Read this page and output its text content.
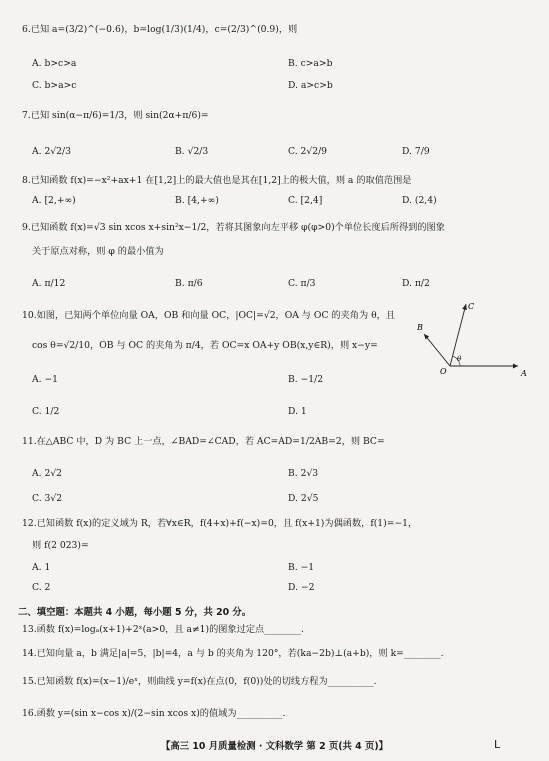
6.已知 a=(3/2)^(−0.6)，b=log(1/3)(1/4)，c=(2/3)^(0.9)，则
A. b>c>a	B. c>a>b
C. b>a>c	D. a>c>b
7.已知 sin(α−π/6)=1/3，则 sin(2α+π/6)=
A. 2√2/3	B. √2/3	C. 2√2/9	D. 7/9
8.已知函数 f(x)=−x²+ax+1 在[1,2]上的最大值也是其在[1,2]上的极大值，则 a 的取值范围是
A. [2,+∞)	B. [4,+∞)	C. [2,4]	D. (2,4)
9.已知函数 f(x)=√3 sin xcos x+sin²x−1/2，若将其图象向左平移 φ(φ>0)个单位长度后所得到的图象
关于原点对称，则 φ 的最小值为
A. π/12	B. π/6	C. π/3	D. π/2
10.如图，已知两个单位向量 OA，OB 和向量 OC，|OC|=√2，OA 与 OC 的夹角为 θ，且
cos θ=√2/10，OB 与 OC 的夹角为 π/4，若 OC=x OA+y OB(x,y∈R)，则 x−y=
A. −1	B. −1/2
C. 1/2	D. 1
B
C
O	A
θ
11.在△ABC 中，D 为 BC 上一点，∠BAD=∠CAD，若 AC=AD=1/2AB=2，则 BC=
A. 2√2	B. 2√3
C. 3√2	D. 2√5
12.已知函数 f(x)的定义域为 R，若∀x∈R，f(4+x)+f(−x)=0，且 f(x+1)为偶函数，f(1)=−1，
则 f(2 023)=
A. 1	B. −1
C. 2	D. −2
二、填空题：本题共 4 小题，每小题 5 分，共 20 分。
13.函数 f(x)=logₐ(x+1)+2ˣ(a>0，且 a≠1)的图象过定点________.
14.已知向量 a，b 满足|a|=5，|b|=4，a 与 b 的夹角为 120°，若(ka−2b)⊥(a+b)，则 k=________.
15.已知函数 f(x)=(x−1)/eˣ，则曲线 y=f(x)在点(0，f(0))处的切线方程为__________.
16.函数 y=(sin x−cos x)/(2−sin xcos x)的值域为__________.
【高三 10 月质量检测 · 文科数学 第 2 页(共 4 页)】	L
